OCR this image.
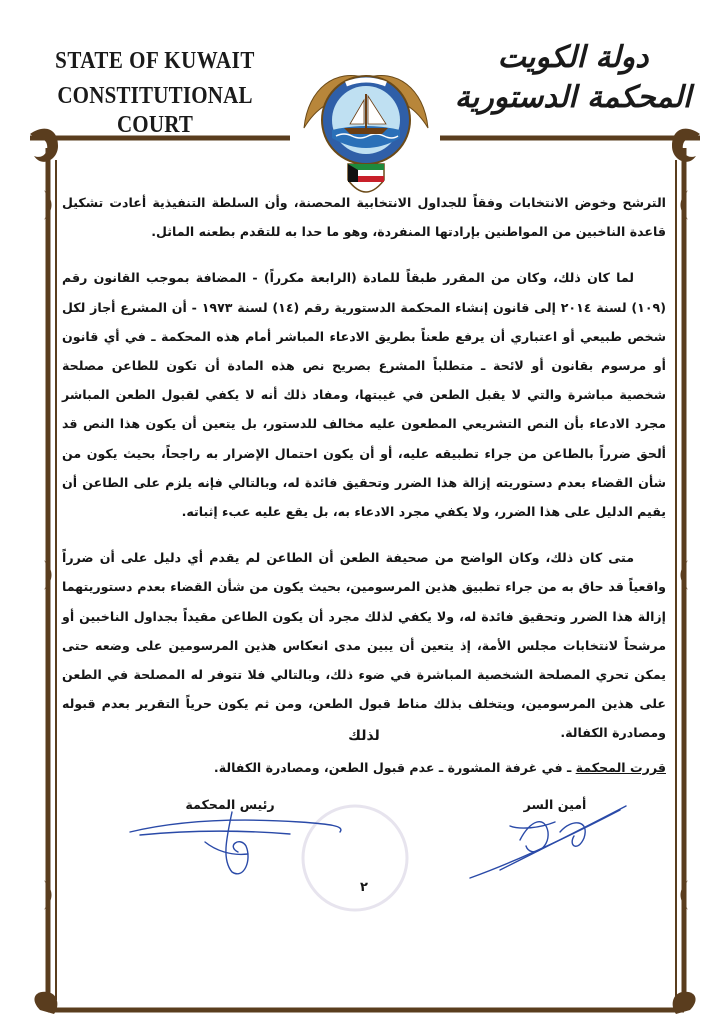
STATE OF KUWAIT
CONSTITUTIONAL COURT
دولة الكويت
المحكمة الدستورية

الترشح وخوض الانتخابات وفقاً للجداول الانتخابية المحصنة، وأن السلطة التنفيذية أعادت تشكيل قاعدة الناخبين من المواطنين بإرادتها المنفردة، وهو ما حدا به للتقدم بطعنه الماثل.

لما كان ذلك، وكان من المقرر طبقاً للمادة (الرابعة مكرراً) - المضافة بموجب القانون رقم (١٠٩) لسنة ٢٠١٤ إلى قانون إنشاء المحكمة الدستورية رقم (١٤) لسنة ١٩٧٣ - أن المشرع أجاز لكل شخص طبيعي أو اعتباري أن يرفع طعناً بطريق الادعاء المباشر أمام هذه المحكمة ـ في أي قانون أو مرسوم بقانون أو لائحة ـ متطلباً المشرع بصريح نص هذه المادة أن تكون للطاعن مصلحة شخصية مباشرة والتي لا يقبل الطعن في غيبتها، ومفاد ذلك أنه لا يكفي لقبول الطعن المباشر مجرد الادعاء بأن النص التشريعي المطعون عليه مخالف للدستور، بل يتعين أن يكون هذا النص قد ألحق ضرراً بالطاعن من جراء تطبيقه عليه، أو أن يكون احتمال الإضرار به راجحاً، بحيث يكون من شأن القضاء بعدم دستوريته إزالة هذا الضرر وتحقيق فائدة له، وبالتالي فإنه يلزم على الطاعن أن يقيم الدليل على هذا الضرر، ولا يكفي مجرد الادعاء به، بل يقع عليه عبء إثباته.

متى كان ذلك، وكان الواضح من صحيفة الطعن أن الطاعن لم يقدم أي دليل على أن ضرراً واقعياً قد حاق به من جراء تطبيق هذين المرسومين، بحيث يكون من شأن القضاء بعدم دستوريتهما إزالة هذا الضرر وتحقيق فائدة له، ولا يكفي لذلك مجرد أن يكون الطاعن مقيداً بجداول الناخبين أو مرشحاً لانتخابات مجلس الأمة، إذ يتعين أن يبين مدى انعكاس هذين المرسومين على وضعه حتى يمكن تحري المصلحة الشخصية المباشرة في ضوء ذلك، وبالتالي فلا تتوفر له المصلحة في الطعن على هذين المرسومين، ويتخلف بذلك مناط قبول الطعن، ومن ثم يكون حرياً التقرير بعدم قبوله ومصادرة الكفالة.

لذلك
قررت المحكمة ـ في غرفة المشورة ـ عدم قبول الطعن، ومصادرة الكفالة.
رئيس المحكمة	أمين السر
٢
